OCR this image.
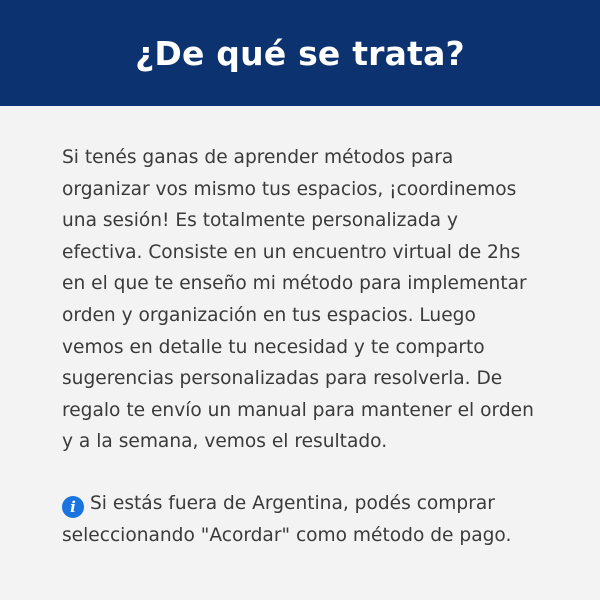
¿De qué se trata?

Si tenés ganas de aprender métodos para
organizar vos mismo tus espacios, ¡coordinemos
una sesión! Es totalmente personalizada y
efectiva. Consiste en un encuentro virtual de 2hs
en el que te enseño mi método para implementar
orden y organización en tus espacios. Luego
vemos en detalle tu necesidad y te comparto
sugerencias personalizadas para resolverla. De
regalo te envío un manual para mantener el orden
y a la semana, vemos el resultado.

i Si estás fuera de Argentina, podés comprar
seleccionando "Acordar" como método de pago.
